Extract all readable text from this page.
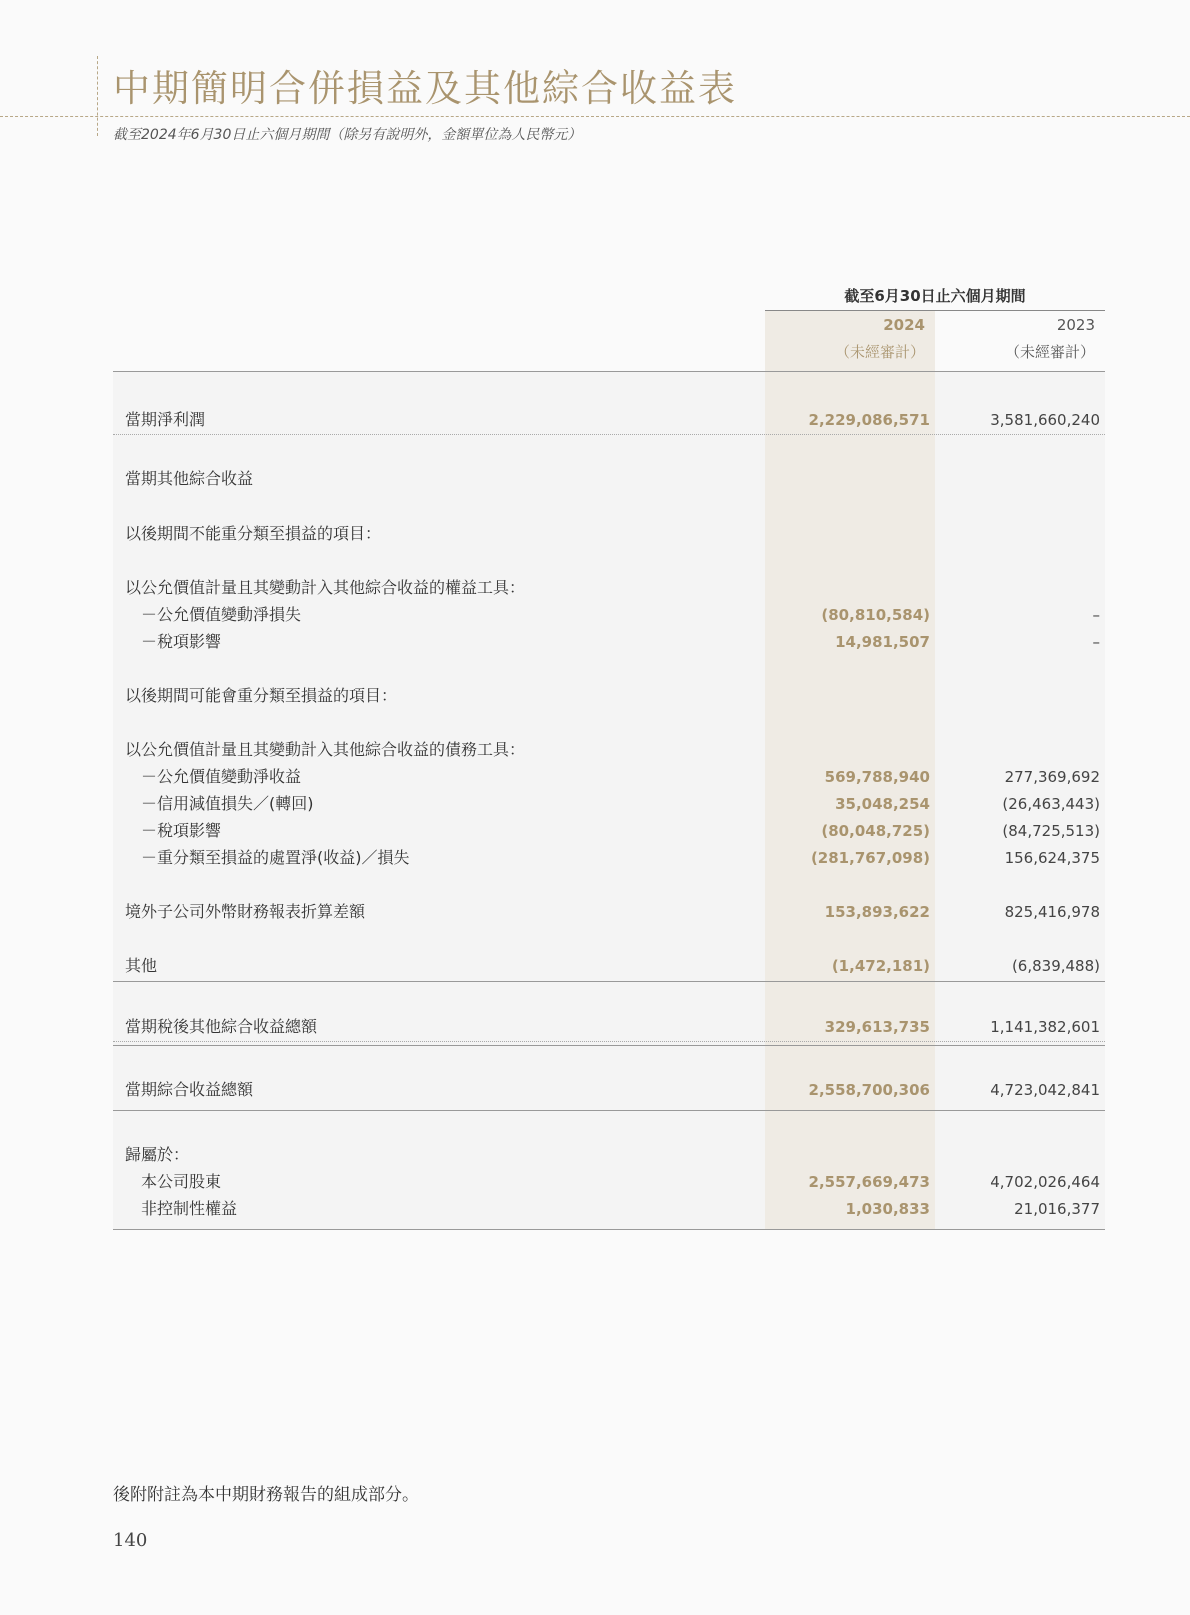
中期簡明合併損益及其他綜合收益表
截至2024年6月30日止六個月期間（除另有說明外，金額單位為人民幣元）
截至6月30日止六個月期間
2024	2023
（未經審計）	（未經審計）
當期淨利潤	2,229,086,571	3,581,660,240
當期其他綜合收益
以後期間不能重分類至損益的項目：
以公允價值計量且其變動計入其他綜合收益的權益工具：
－公允價值變動淨損失	(80,810,584)	–
－稅項影響	14,981,507	–
以後期間可能會重分類至損益的項目：
以公允價值計量且其變動計入其他綜合收益的債務工具：
－公允價值變動淨收益	569,788,940	277,369,692
－信用減值損失／(轉回)	35,048,254	(26,463,443)
－稅項影響	(80,048,725)	(84,725,513)
－重分類至損益的處置淨(收益)／損失	(281,767,098)	156,624,375
境外子公司外幣財務報表折算差額	153,893,622	825,416,978
其他	(1,472,181)	(6,839,488)
當期稅後其他綜合收益總額	329,613,735	1,141,382,601
當期綜合收益總額	2,558,700,306	4,723,042,841
歸屬於：
本公司股東	2,557,669,473	4,702,026,464
非控制性權益	1,030,833	21,016,377
後附附註為本中期財務報告的組成部分。
140
